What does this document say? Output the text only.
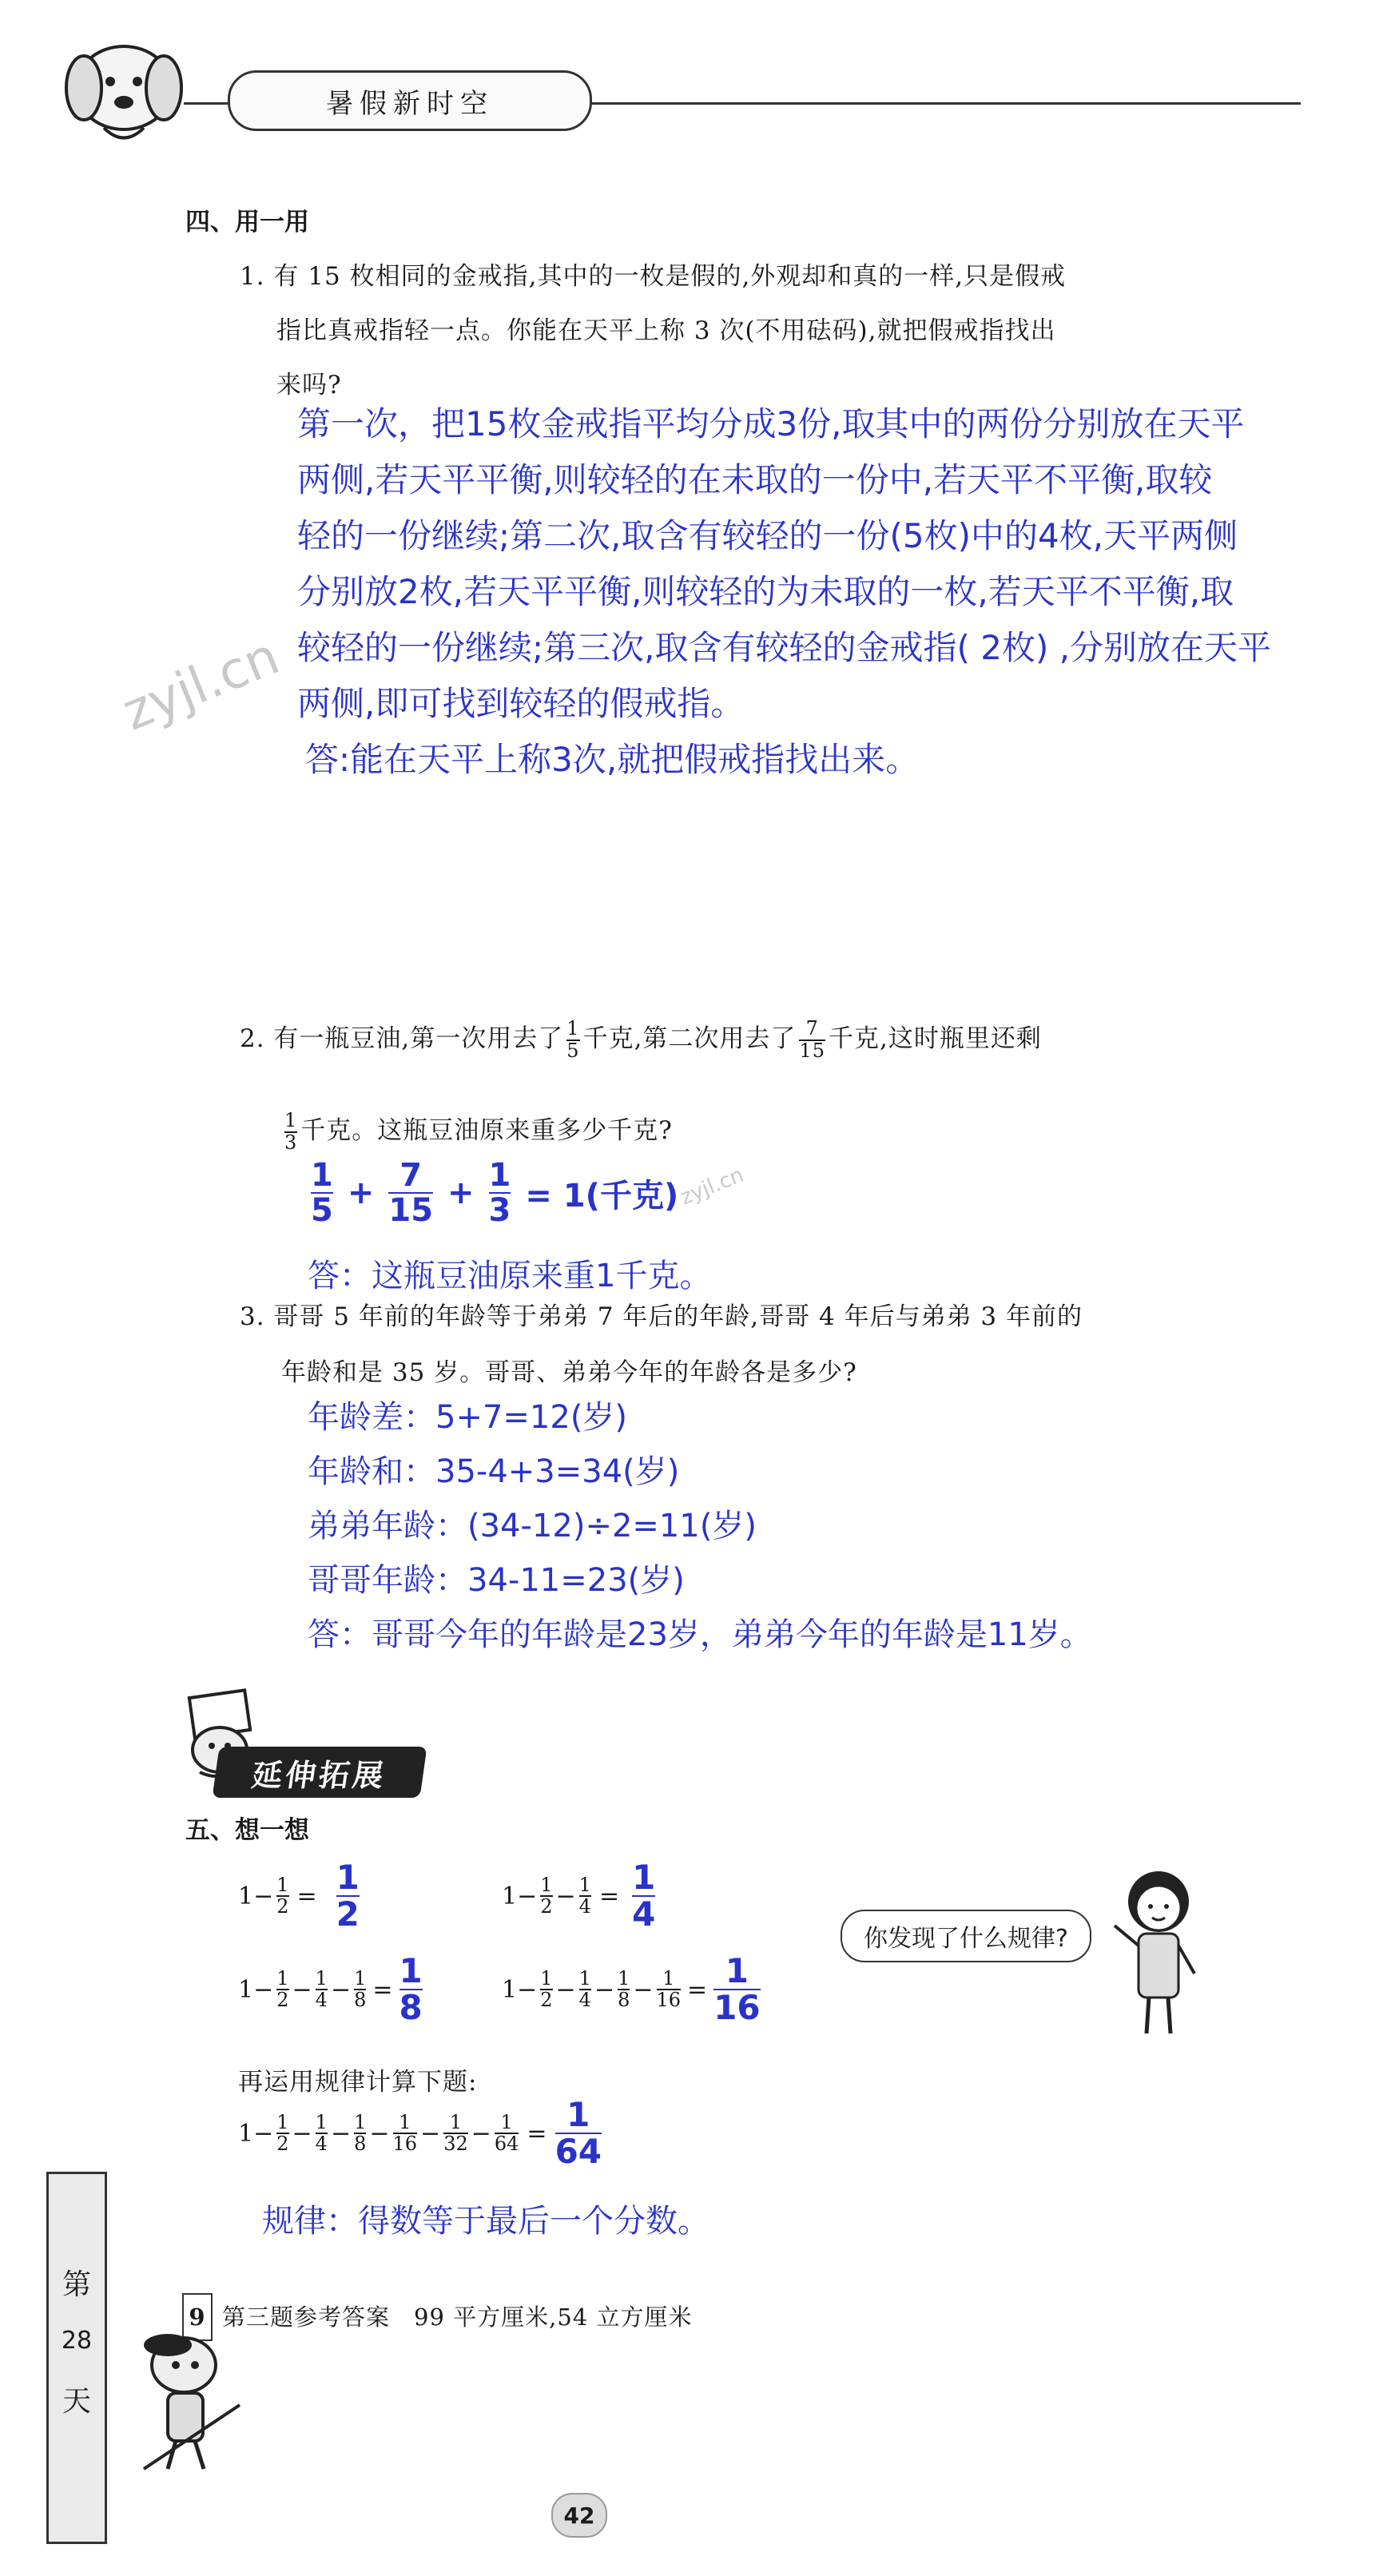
暑假新时空
四、用一用
1. 有 15 枚相同的金戒指,其中的一枚是假的,外观却和真的一样,只是假戒
指比真戒指轻一点。你能在天平上称 3 次(不用砝码),就把假戒指找出
来吗?
第一次，把15枚金戒指平均分成3份,取其中的两份分别放在天平
两侧,若天平平衡,则较轻的在未取的一份中,若天平不平衡,取较
轻的一份继续;第二次,取含有较轻的一份(5枚)中的4枚,天平两侧
分别放2枚,若天平平衡,则较轻的为未取的一枚,若天平不平衡,取
较轻的一份继续;第三次,取含有较轻的金戒指( 2枚) ,分别放在天平
两侧,即可找到较轻的假戒指。
答:能在天平上称3次,就把假戒指找出来。
zyjl.cn
2. 有一瓶豆油,第一次用去了 $\frac{1}{5}$ 千克,第二次用去了 $\frac{7}{15}$ 千克,这时瓶里还剩
$\frac{1}{3}$ 千克。这瓶豆油原来重多少千克?
$\frac{1}{5} + \frac{7}{15} + \frac{1}{3} = 1$(千克)
zyjl.cn
答：这瓶豆油原来重1千克。
3. 哥哥 5 年前的年龄等于弟弟 7 年后的年龄,哥哥 4 年后与弟弟 3 年前的
年龄和是 35 岁。哥哥、弟弟今年的年龄各是多少?
年龄差：5+7=12(岁)
年龄和：35-4+3=34(岁)
弟弟年龄：(34-12)÷2=11(岁)
哥哥年龄：34-11=23(岁)
答：哥哥今年的年龄是23岁，弟弟今年的年龄是11岁。
延伸拓展
五、想一想
$1- \frac{1}{2} = \frac{1}{2}$	$1- \frac{1}{2} - \frac{1}{4} = \frac{1}{4}$
你发现了什么规律?
$1- \frac{1}{2} - \frac{1}{4} - \frac{1}{8} = \frac{1}{8}$	$1- \frac{1}{2} - \frac{1}{4} - \frac{1}{8} - \frac{1}{16} = \frac{1}{16}$
再运用规律计算下题:
$1- \frac{1}{2} - \frac{1}{4} - \frac{1}{8} - \frac{1}{16} - \frac{1}{32} - \frac{1}{64} = \frac{1}{64}$
规律：得数等于最后一个分数。
第
28
天
9 第三题参考答案　99 平方厘米,54 立方厘米
42
